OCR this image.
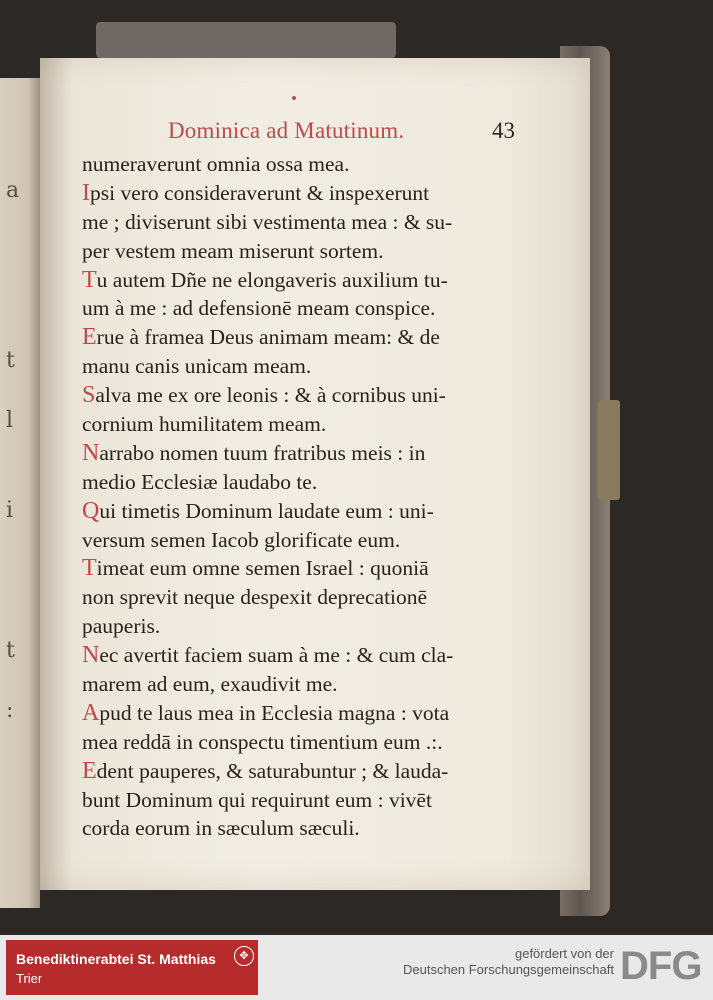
a
t
l
i
t
:
Dominica ad Matutinum.	43
numeraverunt omnia ossa mea.
Ipsi vero consideraverunt & inspexerunt
me ; diviserunt sibi vestimenta mea : & su-
per vestem meam miserunt sortem.
Tu autem Dñe ne elongaveris auxilium tu-
um à me : ad defensionē meam conspice.
Erue à framea Deus animam meam: & de
manu canis unicam meam.
Salva me ex ore leonis : & à cornibus uni-
cornium humilitatem meam.
Narrabo nomen tuum fratribus meis : in
medio Ecclesiæ laudabo te.
Qui timetis Dominum laudate eum : uni-
versum semen Iacob glorificate eum.
Timeat eum omne semen Israel : quoniā
non sprevit neque despexit deprecationē
pauperis.
Nec avertit faciem suam à me : & cum cla-
marem ad eum, exaudivit me.
Apud te laus mea in Ecclesia magna : vota
mea reddā in conspectu timentium eum .:.
Edent pauperes, & saturabuntur ; & lauda-
bunt Dominum qui requirunt eum : vivēt
corda eorum in sæculum sæculi.
Benediktinerabtei St. Matthias
Trier
✥	gefördert von der
Deutschen Forschungsgemeinschaft DFG
